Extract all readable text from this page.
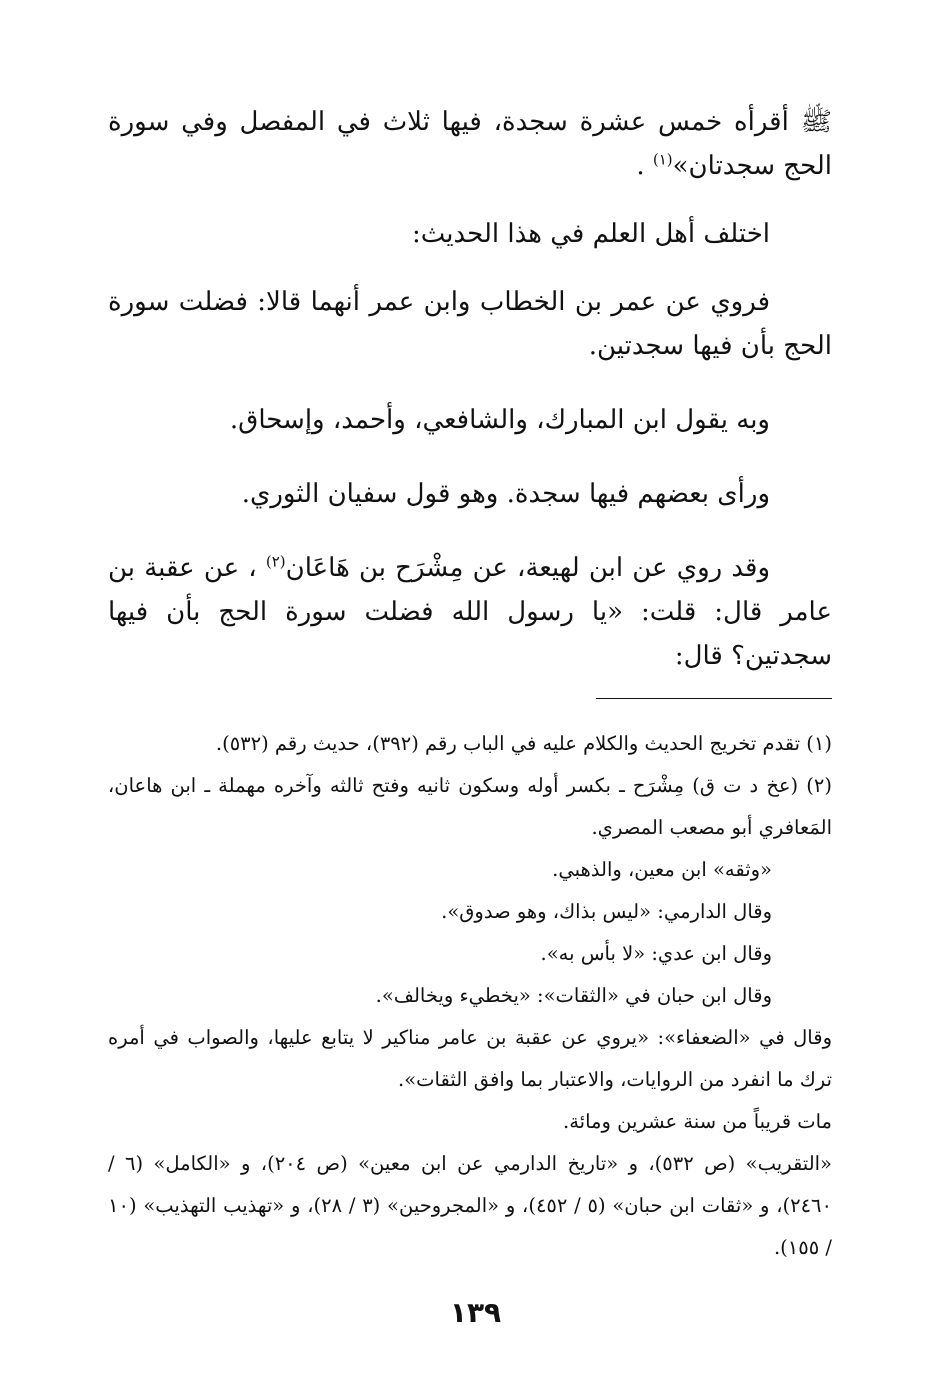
ﷺ أقرأه خمس عشرة سجدة، فيها ثلاث في المفصل وفي سورة الحج سجدتان»$^{(١)}$ .

اختلف أهل العلم في هذا الحديث:

فروي عن عمر بن الخطاب وابن عمر أنهما قالا: فضلت سورة الحج بأن فيها سجدتين.

وبه يقول ابن المبارك، والشافعي، وأحمد، وإسحاق.

ورأى بعضهم فيها سجدة. وهو قول سفيان الثوري.

وقد روي عن ابن لهيعة، عن مِشْرَح بن هَاعَان$^{(٢)}$ ، عن عقبة بن عامر قال: قلت: «يا رسول الله فضلت سورة الحج بأن فيها سجدتين؟ قال:

(١) تقدم تخريج الحديث والكلام عليه في الباب رقم (٣٩٢)، حديث رقم (٥٣٢).

(٢) (عخ د ت ق) مِشْرَح ـ بكسر أوله وسكون ثانيه وفتح ثالثه وآخره مهملة ـ ابن هاعان، المَعافري أبو مصعب المصري.

«وثقه» ابن معين، والذهبي.

وقال الدارمي: «ليس بذاك، وهو صدوق».

وقال ابن عدي: «لا بأس به».

وقال ابن حبان في «الثقات»: «يخطيء ويخالف».

وقال في «الضعفاء»: «يروي عن عقبة بن عامر مناكير لا يتابع عليها، والصواب في أمره ترك ما انفرد من الروايات، والاعتبار بما وافق الثقات».

مات قريباً من سنة عشرين ومائة.

«التقريب» (ص ٥٣٢)، و «تاريخ الدارمي عن ابن معين» (ص ٢٠٤)، و «الكامل» (٦ / ٢٤٦٠)، و «ثقات ابن حبان» (٥ / ٤٥٢)، و «المجروحين» (٣ / ٢٨)، و «تهذيب التهذيب» (١٠ / ١٥٥).

١٣٩
